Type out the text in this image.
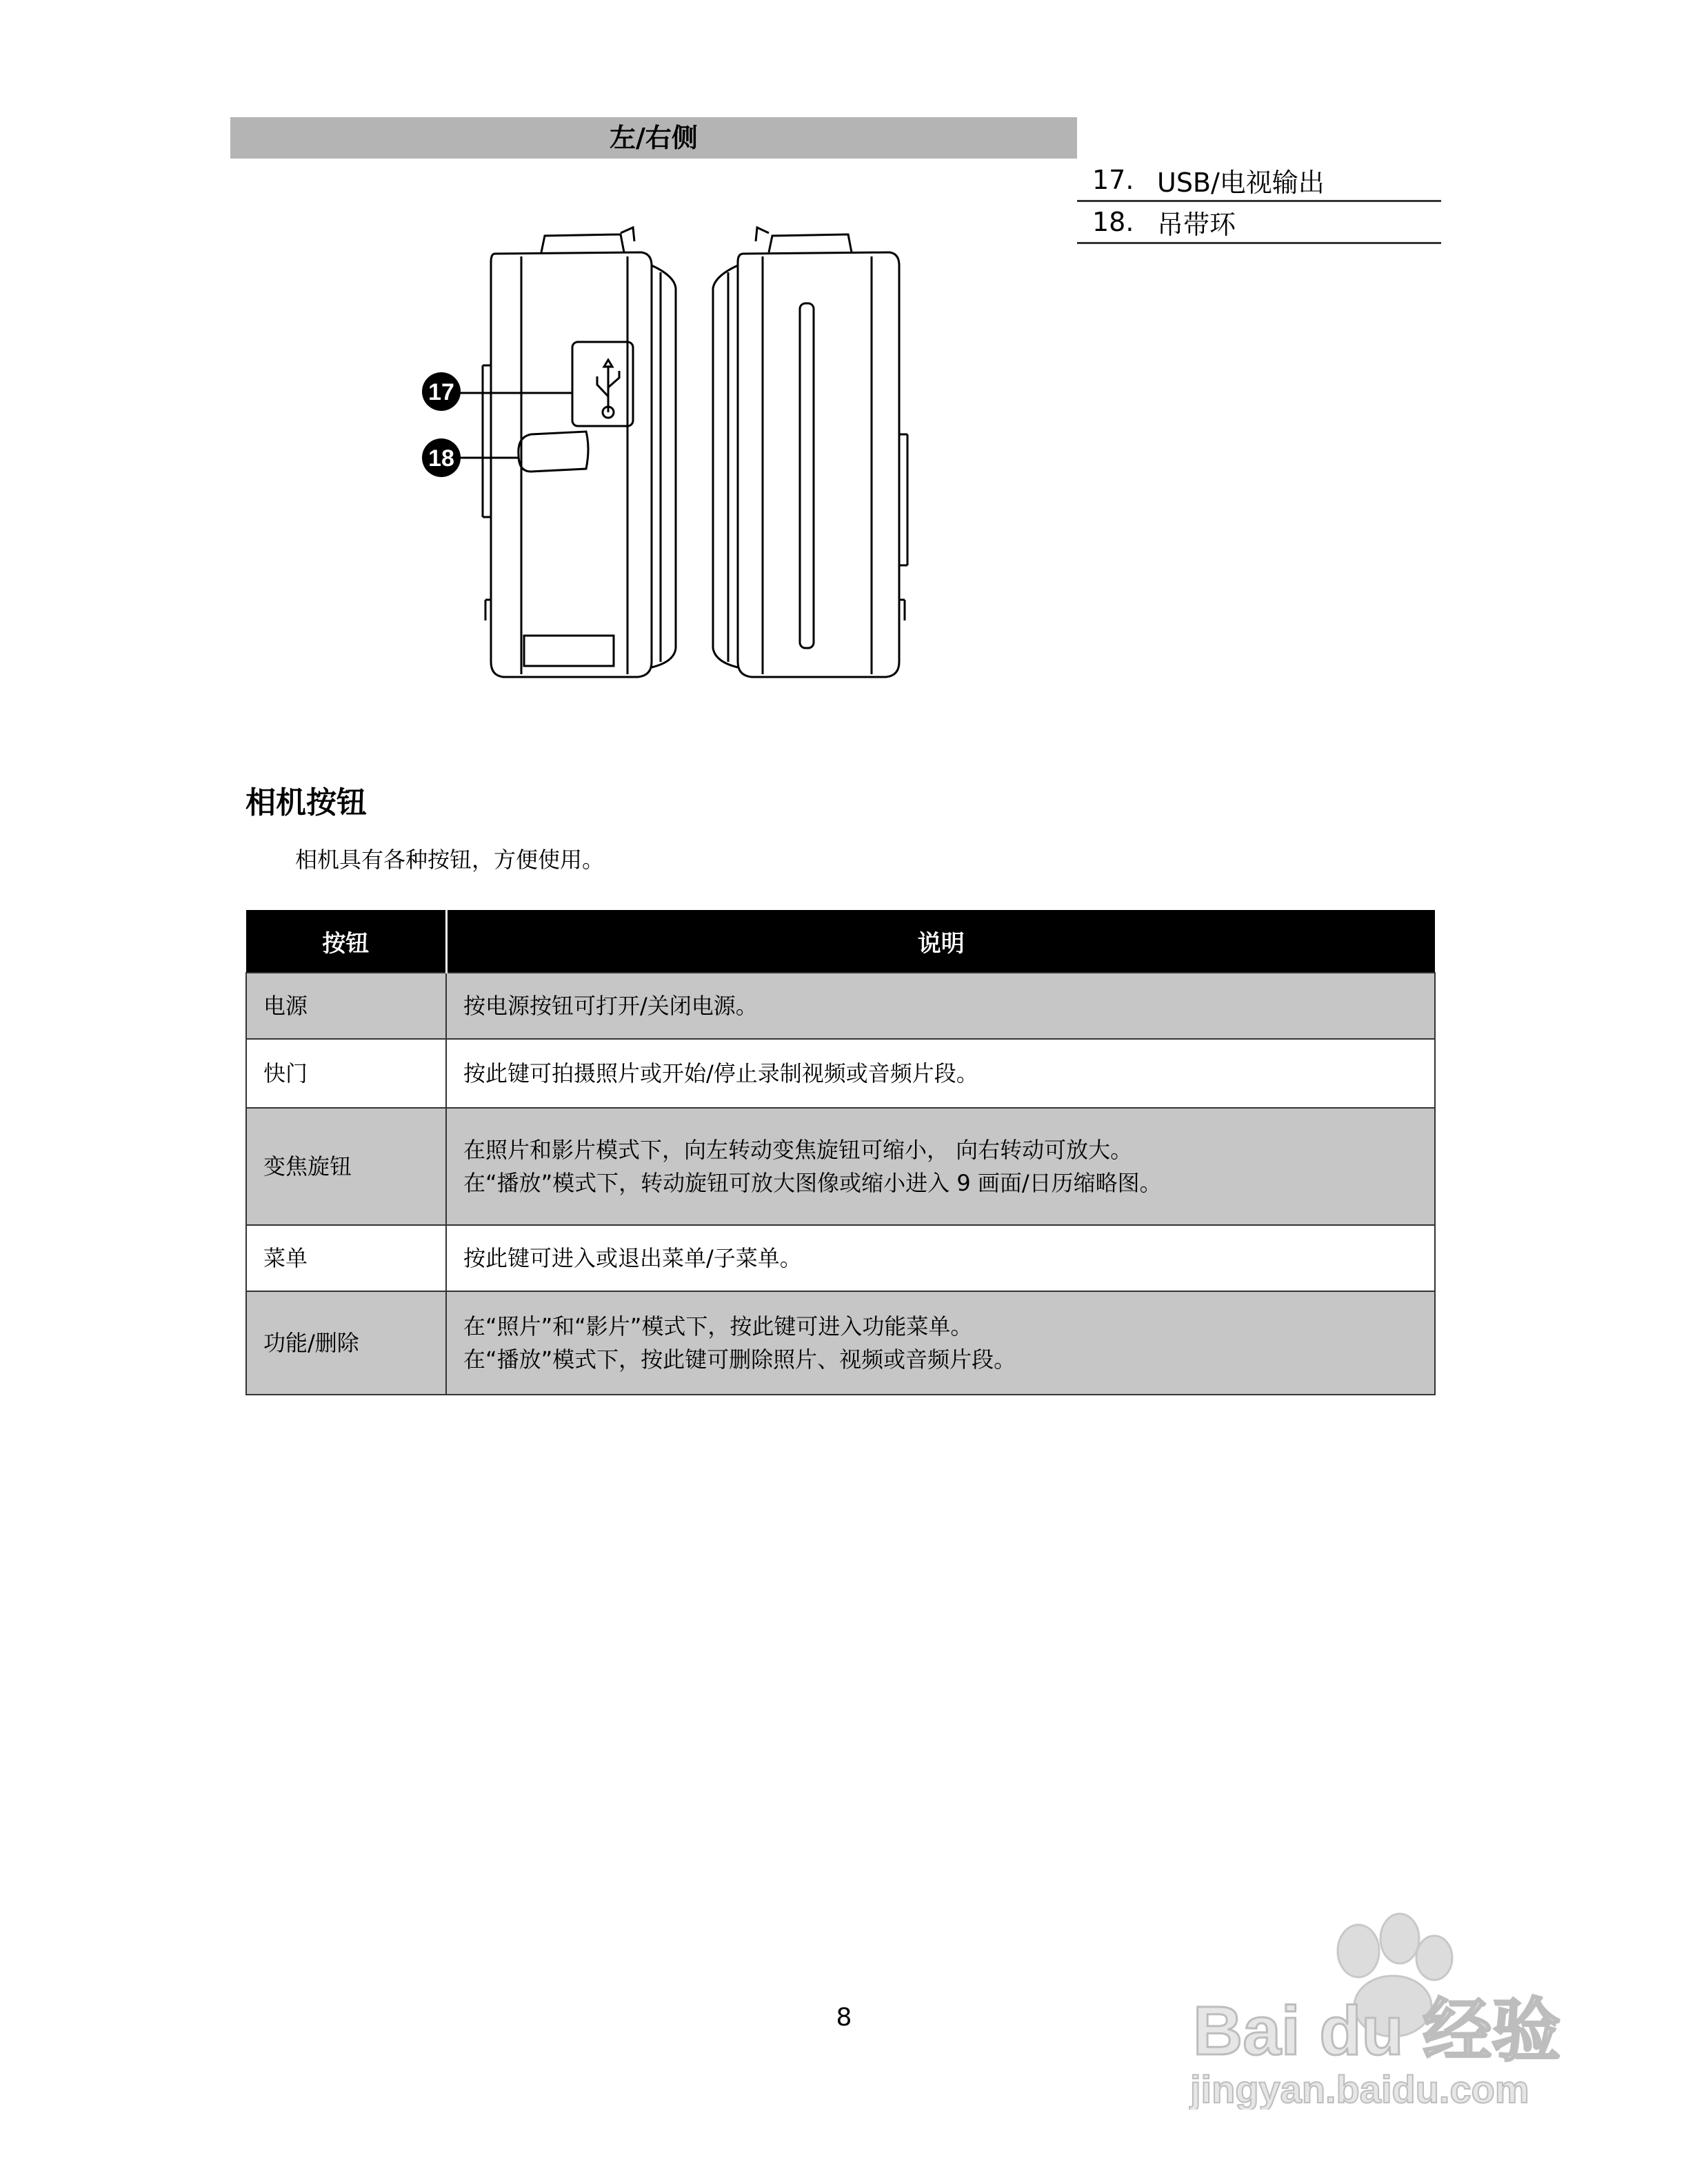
左/右侧
17. USB/电视输出
18. 吊带环
17
18
相机按钮
相机具有各种按钮，方便使用。
按钮	说明
电源	按电源按钮可打开/关闭电源。

快门	按此键可拍摄照片或开始/停止录制视频或音频片段。

变焦旋钮	在照片和影片模式下，向左转动变焦旋钮可缩小， 向右转动可放大。
在“播放”模式下，转动旋钮可放大图像或缩小进入 9 画面/日历缩略图。

菜单	按此键可进入或退出菜单/子菜单。

功能/删除	在“照片”和“影片”模式下，按此键可进入功能菜单。
在“播放”模式下，按此键可删除照片、视频或音频片段。
8	Bai du 经验
jingyan.baidu.com
